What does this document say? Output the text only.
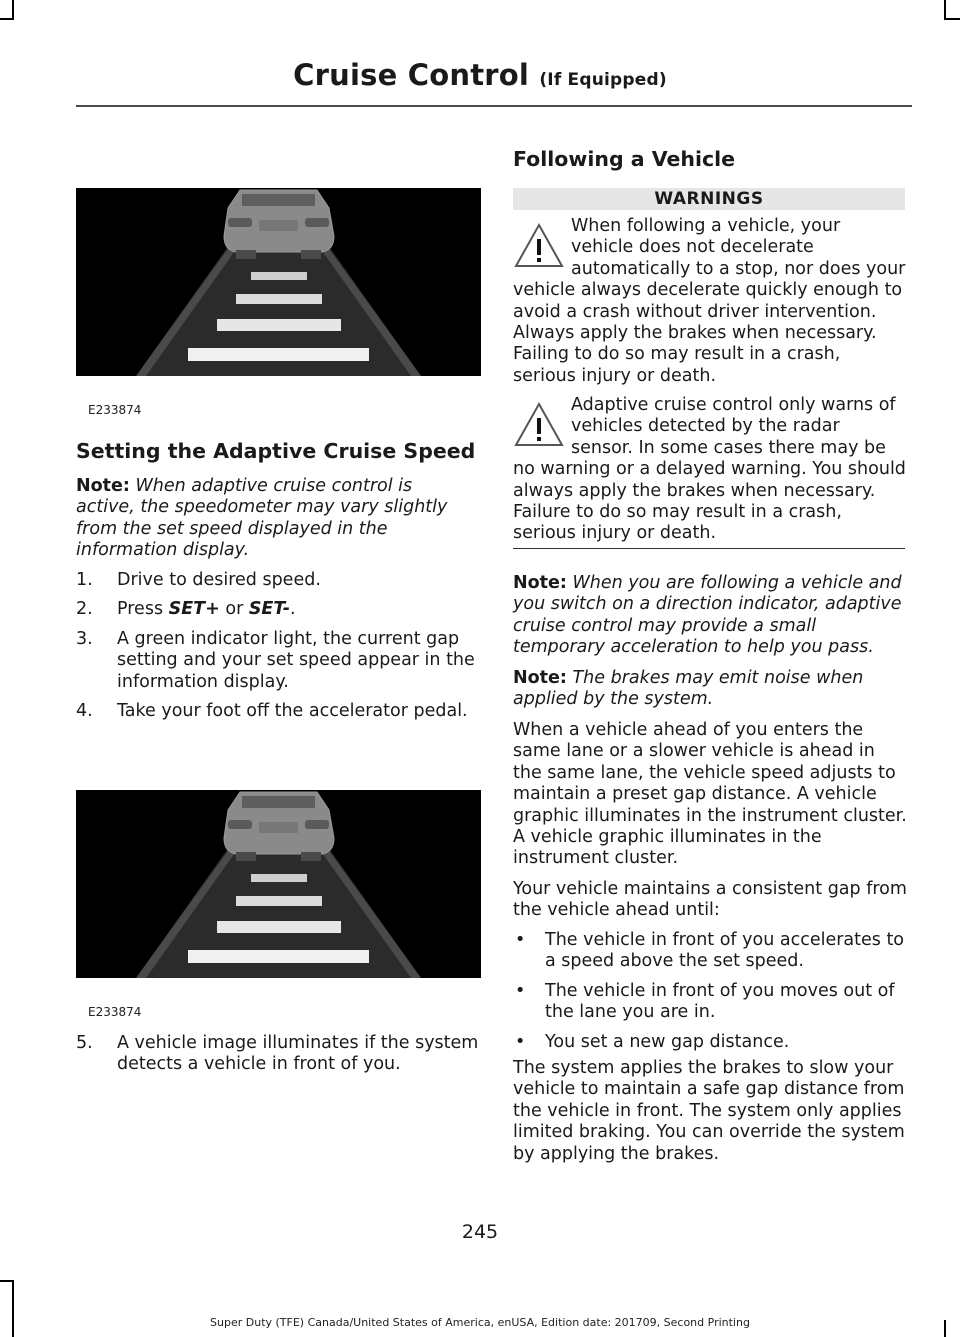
Cruise Control (If Equipped)
E233874
Setting the Adaptive Cruise Speed

Note: When adaptive cruise control is active, the speedometer may vary slightly from the set speed displayed in the information display.

1. Drive to desired speed.
2. Press SET+ or SET-.
3. A green indicator light, the current gap setting and your set speed appear in the information display.
4. Take your foot off the accelerator pedal.
E233874
5. A vehicle image illuminates if the system detects a vehicle in front of you.
Following a Vehicle
WARNINGS
When following a vehicle, your vehicle does not decelerate automatically to a stop, nor does your vehicle always decelerate quickly enough to avoid a crash without driver intervention. Always apply the brakes when necessary. Failing to do so may result in a crash, serious injury or death.
Adaptive cruise control only warns of vehicles detected by the radar sensor. In some cases there may be no warning or a delayed warning. You should always apply the brakes when necessary. Failure to do so may result in a crash, serious injury or death.

Note: When you are following a vehicle and you switch on a direction indicator, adaptive cruise control may provide a small temporary acceleration to help you pass.

Note: The brakes may emit noise when applied by the system.

When a vehicle ahead of you enters the same lane or a slower vehicle is ahead in the same lane, the vehicle speed adjusts to maintain a preset gap distance. A vehicle graphic illuminates in the instrument cluster. A vehicle graphic illuminates in the instrument cluster.

Your vehicle maintains a consistent gap from the vehicle ahead until:

• The vehicle in front of you accelerates to a speed above the set speed.
• The vehicle in front of you moves out of the lane you are in.
• You set a new gap distance.

The system applies the brakes to slow your vehicle to maintain a safe gap distance from the vehicle in front. The system only applies limited braking. You can override the system by applying the brakes.

245
Super Duty (TFE) Canada/United States of America, enUSA, Edition date: 201709, Second Printing
